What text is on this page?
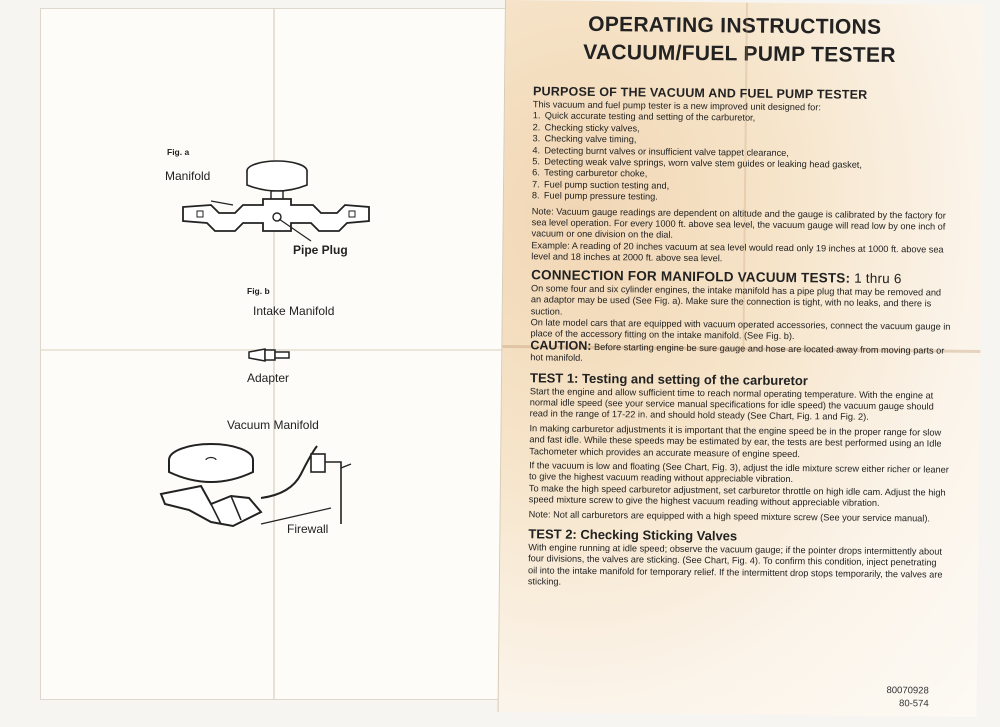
Fig. a
Manifold
Pipe Plug
Fig. b
Intake Manifold
Adapter
Vacuum Manifold
Firewall
OPERATING INSTRUCTIONS
VACUUM/FUEL PUMP TESTER
PURPOSE OF THE VACUUM AND FUEL PUMP TESTER

This vacuum and fuel pump tester is a new improved unit designed for:

1. Quick accurate testing and setting of the carburetor,
2. Checking sticky valves,
3. Checking valve timing,
4. Detecting burnt valves or insufficient valve tappet clearance,
5. Detecting weak valve springs, worn valve stem guides or leaking head gasket,
6. Testing carburetor choke,
7. Fuel pump suction testing and,
8. Fuel pump pressure testing.

Note: Vacuum gauge readings are dependent on altitude and the gauge is calibrated by the factory for sea level operation. For every 1000 ft. above sea level, the vacuum gauge will read low by one inch of vacuum or one division on the dial.

Example: A reading of 20 inches vacuum at sea level would read only 19 inches at 1000 ft. above sea level and 18 inches at 2000 ft. above sea level.

CONNECTION FOR MANIFOLD VACUUM TESTS: 1 thru 6

On some four and six cylinder engines, the intake manifold has a pipe plug that may be removed and an adaptor may be used (See Fig. a). Make sure the connection is tight, with no leaks, and there is suction.

On late model cars that are equipped with vacuum operated accessories, connect the vacuum gauge in place of the accessory fitting on the intake manifold. (See Fig. b).

CAUTION: Before starting engine be sure gauge and hose are located away from moving parts or hot manifold.

TEST 1: Testing and setting of the carburetor

Start the engine and allow sufficient time to reach normal operating temperature. With the engine at normal idle speed (see your service manual specifications for idle speed) the vacuum gauge should read in the range of 17-22 in. and should hold steady (See Chart, Fig. 1 and Fig. 2).

In making carburetor adjustments it is important that the engine speed be in the proper range for slow and fast idle. While these speeds may be estimated by ear, the tests are best performed using an Idle Tachometer which provides an accurate measure of engine speed.

If the vacuum is low and floating (See Chart, Fig. 3), adjust the idle mixture screw either richer or leaner to give the highest vacuum reading without appreciable vibration.

To make the high speed carburetor adjustment, set carburetor throttle on high idle cam. Adjust the high speed mixture screw to give the highest vacuum reading without appreciable vibration.

Note: Not all carburetors are equipped with a high speed mixture screw (See your service manual).

TEST 2: Checking Sticking Valves

With engine running at idle speed; observe the vacuum gauge; if the pointer drops intermittently about four divisions, the valves are sticking. (See Chart, Fig. 4). To confirm this condition, inject penetrating oil into the intake manifold for temporary relief. If the intermittent drop stops temporarily, the valves are sticking.

80070928
80-574
